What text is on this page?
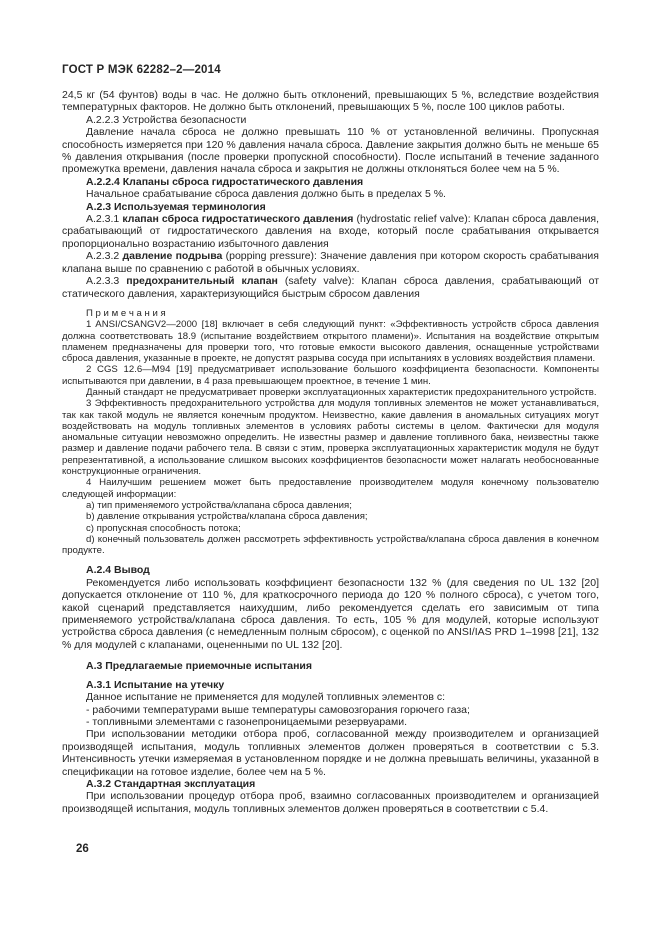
ГОСТ Р МЭК 62282–2—2014

24,5 кг (54 фунтов) воды в час. Не должно быть отклонений, превышающих 5 %, вследствие воздействия температурных факторов. Не должно быть отклонений, превышающих 5 %, после 100 циклов работы.

А.2.2.3 Устройства безопасности

Давление начала сброса не должно превышать 110 % от установленной величины. Пропускная способность измеряется при 120 % давления начала сброса. Давление закрытия должно быть не меньше 65 % давления открывания (после проверки пропускной способности). После испытаний в течение заданного промежутка времени, давления начала сброса и закрытия не должны отклоняться более чем на 5 %.

А.2.2.4 Клапаны сброса гидростатического давления

Начальное срабатывание сброса давления должно быть в пределах 5 %.

А.2.3 Используемая терминология

А.2.3.1 клапан сброса гидростатического давления (hydrostatic relief valve): Клапан сброса давления, срабатывающий от гидростатического давления на входе, который после срабатывания открывается пропорционально возрастанию избыточного давления

А.2.3.2 давление подрыва (popping pressure): Значение давления при котором скорость срабатывания клапана выше по сравнению с работой в обычных условиях.

А.2.3.3 предохранительный клапан (safety valve): Клапан сброса давления, срабатывающий от статического давления, характеризующийся быстрым сбросом давления

П р и м е ч а н и я

1 ANSI/CSANGV2—2000 [18] включает в себя следующий пункт: «Эффективность устройств сброса давления должна соответствовать 18.9 (испытание воздействием открытого пламени)». Испытания на воздействие открытым пламенем предназначены для проверки того, что готовые емкости высокого давления, оснащенные устройствами сброса давления, указанные в проекте, не допустят разрыва сосуда при испытаниях в условиях воздействия пламени.

2 CGS 12.6—М94 [19] предусматривает использование большого коэффициента безопасности. Компоненты испытываются при давлении, в 4 раза превышающем проектное, в течение 1 мин.

Данный стандарт не предусматривает проверки эксплуатационных характеристик предохранительного устройств.

3 Эффективность предохранительного устройства для модуля топливных элементов не может устанавливаться, так как такой модуль не является конечным продуктом. Неизвестно, какие давления в аномальных ситуациях могут воздействовать на модуль топливных элементов в условиях работы системы в целом. Фактически для модуля аномальные ситуации невозможно определить. Не известны размер и давление топливного бака, неизвестны также размер и давление подачи рабочего тела. В связи с этим, проверка эксплуатационных характеристик модуля не будут репрезентативной, а использование слишком высоких коэффициентов безопасности может налагать необоснованные конструкционные ограничения.

4 Наилучшим решением может быть предоставление производителем модуля конечному пользователю следующей информации:

a) тип применяемого устройства/клапана сброса давления;

b) давление открывания устройства/клапана сброса давления;

c) пропускная способность потока;

d) конечный пользователь должен рассмотреть эффективность устройства/клапана сброса давления в конечном продукте.

А.2.4 Вывод

Рекомендуется либо использовать коэффициент безопасности 132 % (для сведения по UL 132 [20] допускается отклонение от 110 %, для краткосрочного периода до 120 % полного сброса), с учетом того, какой сценарий представляется наихудшим, либо рекомендуется сделать его зависимым от типа применяемого устройства/клапана сброса давления. То есть, 105 % для модулей, которые используют устройства сброса давления (с немедленным полным сбросом), с оценкой по ANSI/IAS PRD 1–1998 [21], 132 % для модулей с клапанами, оцененными по UL 132 [20].

А.3 Предлагаемые приемочные испытания

А.3.1 Испытание на утечку

Данное испытание не применяется для модулей топливных элементов с:

- рабочими температурами выше температуры самовозгорания горючего газа;

- топливными элементами с газонепроницаемыми резервуарами.

При использовании методики отбора проб, согласованной между производителем и организацией производящей испытания, модуль топливных элементов должен проверяться в соответствии с 5.3. Интенсивность утечки измеряемая в установленном порядке и не должна превышать величины, указанной в спецификации на готовое изделие, более чем на 5 %.

А.3.2 Стандартная эксплуатация

При использовании процедур отбора проб, взаимно согласованных производителем и организацией производящей испытания, модуль топливных элементов должен проверяться в соответствии с 5.4.

26
